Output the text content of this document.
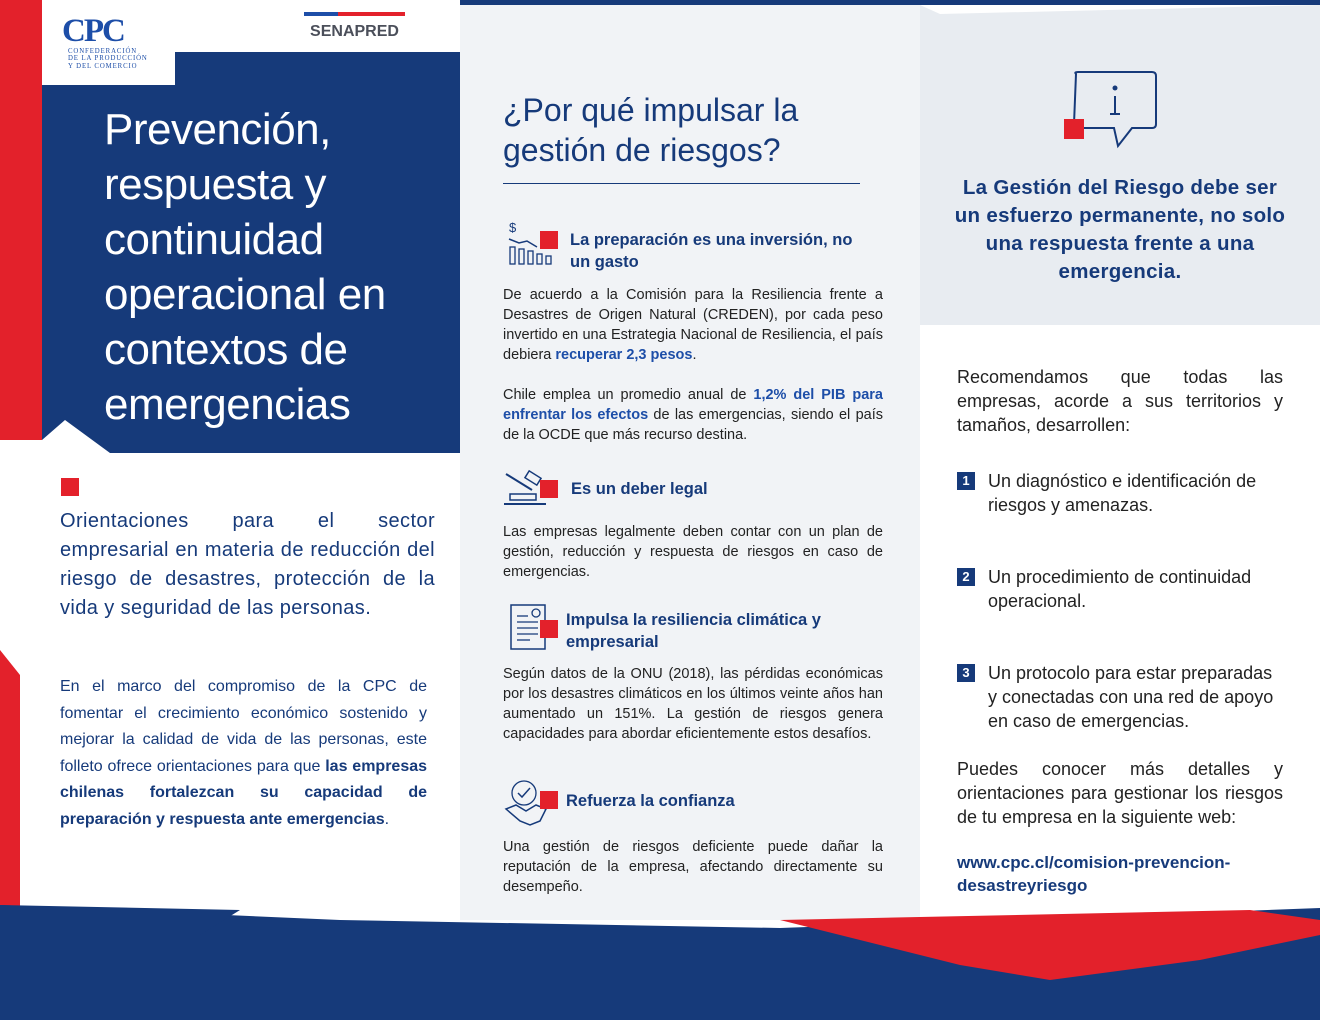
CPC
CONFEDERACIÓN
DE LA PRODUCCIÓN
Y DEL COMERCIO
SENAPRED
Prevención,
respuesta y
continuidad
operacional en
contextos de
emergencias
Orientaciones para el sector empresarial en materia de reducción del riesgo de desastres, protección de la vida y seguridad de las personas.
En el marco del compromiso de la CPC de fomentar el crecimiento económico sostenido y mejorar la calidad de vida de las personas, este folleto ofrece orientaciones para que las empresas chilenas fortalezcan su capacidad de preparación y respuesta ante emergencias.
¿Por qué impulsar la
gestión de riesgos?
$
La preparación es una inversión, no un gasto
De acuerdo a la Comisión para la Resiliencia frente a Desastres de Origen Natural (CREDEN), por cada peso invertido en una Estrategia Nacional de Resiliencia, el país debiera recuperar 2,3 pesos.
Chile emplea un promedio anual de 1,2% del PIB para enfrentar los efectos de las emergencias, siendo el país de la OCDE que más recurso destina.
Es un deber legal
Las empresas legalmente deben contar con un plan de gestión, reducción y respuesta de riesgos en caso de emergencias.
Impulsa la resiliencia climática y empresarial
Según datos de la ONU (2018), las pérdidas económicas por los desastres climáticos en los últimos veinte años han aumentado un 151%. La gestión de riesgos genera capacidades para abordar eficientemente estos desafíos.
Refuerza la confianza
Una gestión de riesgos deficiente puede dañar la reputación de la empresa, afectando directamente su desempeño.
La Gestión del Riesgo debe ser un esfuerzo permanente, no solo una respuesta frente a una emergencia.
Recomendamos que todas las empresas, acorde a sus territorios y tamaños, desarrollen:
1 Un diagnóstico e identificación de riesgos y amenazas.
2 Un procedimiento de continuidad operacional.
3 Un protocolo para estar preparadas y conectadas con una red de apoyo en caso de emergencias.
Puedes conocer más detalles y orientaciones para gestionar los riesgos de tu empresa en la siguiente web:
www.cpc.cl/comision-prevencion-
desastreyriesgo
